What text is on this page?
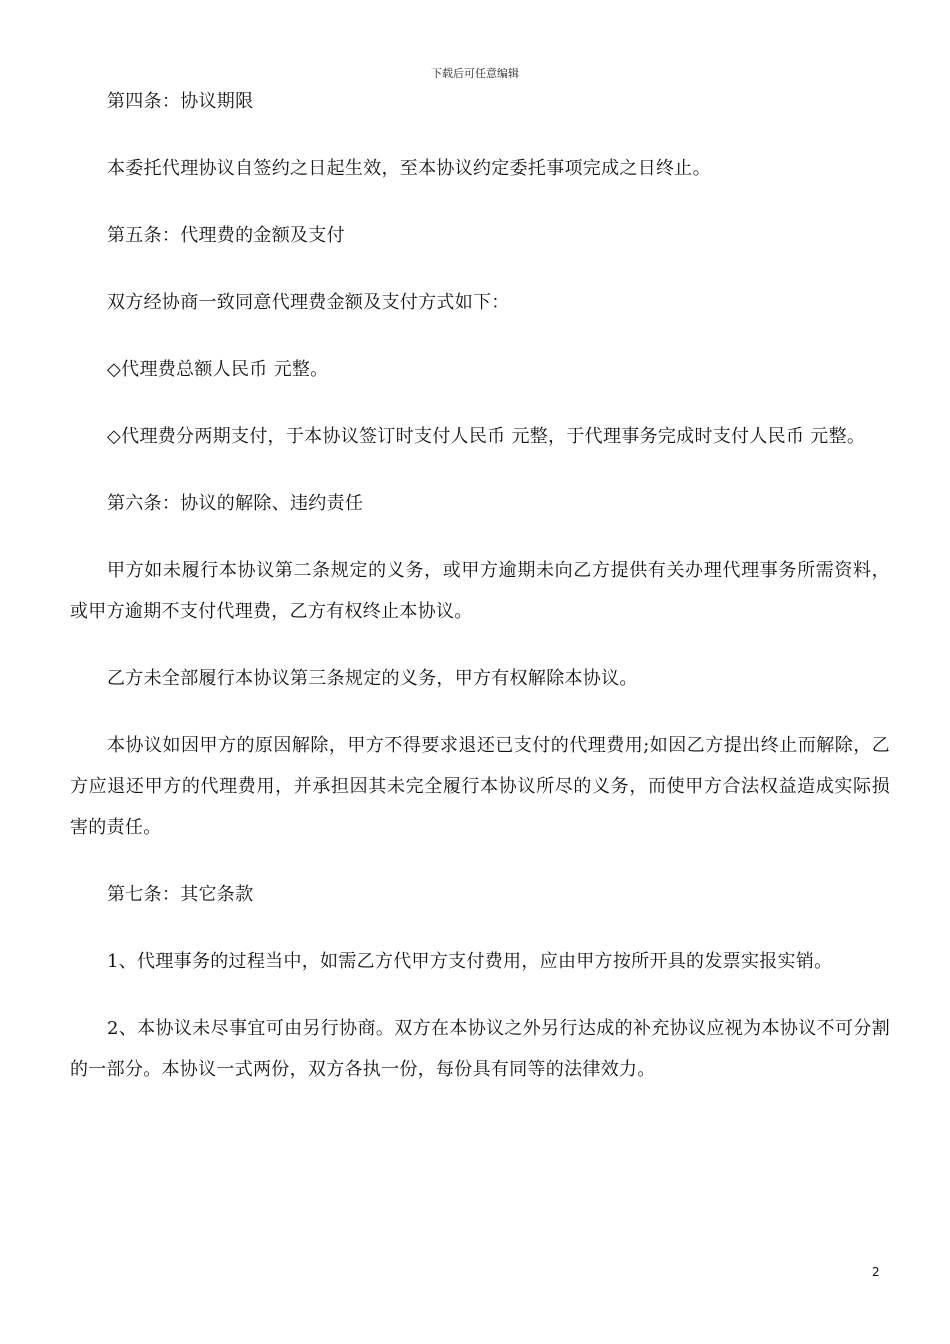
下载后可任意编辑

第四条：协议期限

本委托代理协议自签约之日起生效，至本协议约定委托事项完成之日终止。

第五条：代理费的金额及支付

双方经协商一致同意代理费金额及支付方式如下：

◇代理费总额人民币 元整。

◇代理费分两期支付，于本协议签订时支付人民币 元整，于代理事务完成时支付人民币 元整。

第六条：协议的解除、违约责任

甲方如未履行本协议第二条规定的义务，或甲方逾期未向乙方提供有关办理代理事务所需资料，或甲方逾期不支付代理费，乙方有权终止本协议。

乙方未全部履行本协议第三条规定的义务，甲方有权解除本协议。

本协议如因甲方的原因解除，甲方不得要求退还已支付的代理费用;如因乙方提出终止而解除，乙方应退还甲方的代理费用，并承担因其未完全履行本协议所尽的义务，而使甲方合法权益造成实际损害的责任。

第七条：其它条款

1、代理事务的过程当中，如需乙方代甲方支付费用，应由甲方按所开具的发票实报实销。

2、本协议未尽事宜可由另行协商。双方在本协议之外另行达成的补充协议应视为本协议不可分割的一部分。本协议一式两份，双方各执一份，每份具有同等的法律效力。

2
